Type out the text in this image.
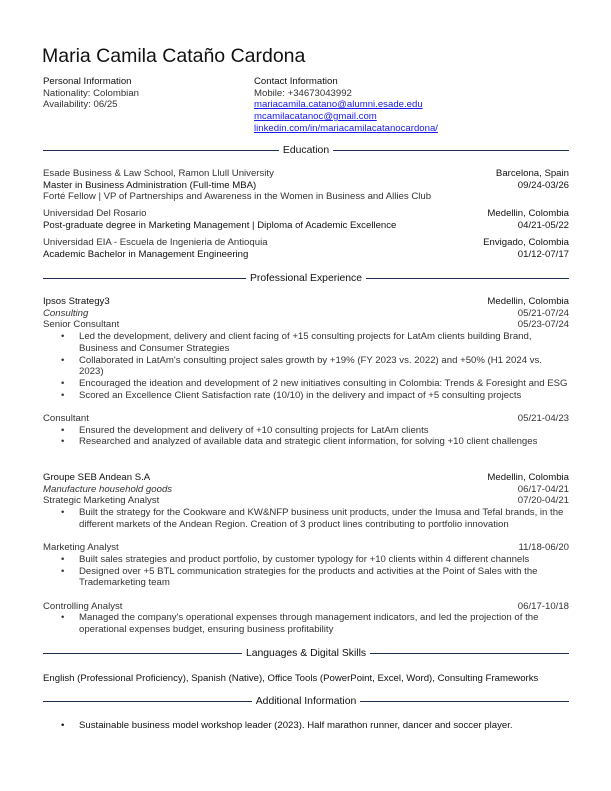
Maria Camila Cataño Cardona
Personal Information
Nationality: Colombian
Availability: 06/25
Contact Information
Mobile: +34673043992
mariacamila.catano@alumni.esade.edu
mcamilacatanoc@gmail.com
linkedin.com/in/mariacamilacatanocardona/
Education
Esade Business & Law School, Ramon Llull University	Barcelona, Spain
Master in Business Administration (Full-time MBA)	09/24-03/26
Forté Fellow | VP of Partnerships and Awareness in the Women in Business and Allies Club
Universidad Del Rosario	Medellin, Colombia
Post-graduate degree in Marketing Management | Diploma of Academic Excellence	04/21-05/22
Universidad EIA - Escuela de Ingenieria de Antioquia	Envigado, Colombia
Academic Bachelor in Management Engineering	01/12-07/17
Professional Experience
Ipsos Strategy3	Medellin, Colombia
Consulting	05/21-07/24
Senior Consultant	05/23-07/24
• Led the development, delivery and client facing of +15 consulting projects for LatAm clients building Brand, Business and Consumer Strategies
• Collaborated in LatAm's consulting project sales growth by +19% (FY 2023 vs. 2022) and +50% (H1 2024 vs. 2023)
• Encouraged the ideation and development of 2 new initiatives consulting in Colombia: Trends & Foresight and ESG
• Scored an Excellence Client Satisfaction rate (10/10) in the delivery and impact of +5 consulting projects
Consultant	05/21-04/23
• Ensured the development and delivery of +10 consulting projects for LatAm clients
• Researched and analyzed of available data and strategic client information, for solving +10 client challenges
Groupe SEB Andean S.A	Medellin, Colombia
Manufacture household goods	06/17-04/21
Strategic Marketing Analyst	07/20-04/21
• Built the strategy for the Cookware and KW&NFP business unit products, under the Imusa and Tefal brands, in the different markets of the Andean Region. Creation of 3 product lines contributing to portfolio innovation
Marketing Analyst	11/18-06/20
• Built sales strategies and product portfolio, by customer typology for +10 clients within 4 different channels
• Designed over +5 BTL communication strategies for the products and activities at the Point of Sales with the Trademarketing team
Controlling Analyst	06/17-10/18
• Managed the company's operational expenses through management indicators, and led the projection of the operational expenses budget, ensuring business profitability
Languages & Digital Skills
English (Professional Proficiency), Spanish (Native), Office Tools (PowerPoint, Excel, Word), Consulting Frameworks
Additional Information
• Sustainable business model workshop leader (2023). Half marathon runner, dancer and soccer player.
